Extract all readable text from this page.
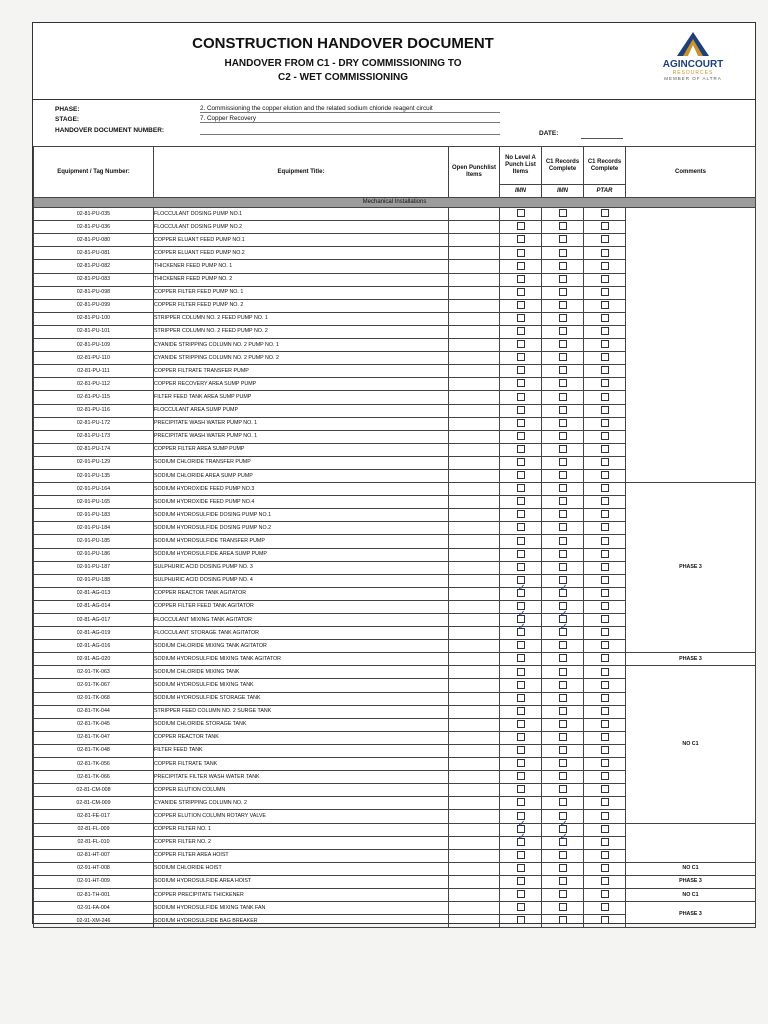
CONSTRUCTION HANDOVER DOCUMENT
HANDOVER FROM C1 - DRY COMMISSIONING TO
C2 - WET COMMISSIONING
AGINCOURT
RESOURCES
MEMBER OF ALTRA
PHASE:	2. Commissioning the copper elution and the related sodium chloride reagent circuit
STAGE:	7. Copper Recovery
HANDOVER DOCUMENT NUMBER:	DATE:
Equipment / Tag Number:	Equipment Title:	Open Punchlist Items	No Level A Punch List Items	C1 Records Complete	C1 Records Complete	Comments
			IMN	IMN	PTAR	
Mechanical Installations						
02-81-PU-035	FLOCCULANT DOSING PUMP NO.1					
02-81-PU-036	FLOCCULANT DOSING PUMP NO.2					
02-81-PU-080	COPPER ELUANT FEED PUMP NO.1					
02-81-PU-081	COPPER ELUANT FEED PUMP NO.2					
02-81-PU-082	THICKENER FEED PUMP NO. 1					
02-81-PU-083	THICKENER FEED PUMP NO. 2					
02-81-PU-098	COPPER FILTER FEED PUMP NO. 1					
02-81-PU-099	COPPER FILTER FEED PUMP NO. 2					
02-81-PU-100	STRIPPER COLUMN NO. 2 FEED PUMP NO. 1					
02-81-PU-101	STRIPPER COLUMN NO. 2 FEED PUMP NO. 2					
02-81-PU-109	CYANIDE STRIPPING COLUMN NO. 2 PUMP NO. 1					
02-81-PU-110	CYANIDE STRIPPING COLUMN NO. 2 PUMP NO. 2					
02-81-PU-111	COPPER FILTRATE TRANSFER PUMP					
02-81-PU-112	COPPER RECOVERY AREA SUMP PUMP					
02-81-PU-115	FILTER FEED TANK AREA SUMP PUMP					
02-81-PU-116	FLOCCULANT AREA SUMP PUMP					
02-81-PU-172	PRECIPITATE WASH WATER PUMP NO. 1					
02-81-PU-173	PRECIPITATE WASH WATER PUMP NO. 1					
02-81-PU-174	COPPER FILTER AREA SUMP PUMP					
02-91-PU-129	SODIUM CHLORIDE TRANSFER PUMP					
02-91-PU-135	SODIUM CHLORIDE AREA SUMP PUMP					
02-91-PU-164	SODIUM HYDROXIDE FEED PUMP NO.3					PHASE 3
02-91-PU-165	SODIUM HYDROXIDE FEED PUMP NO.4					
02-91-PU-183	SODIUM HYDROSULFIDE DOSING PUMP NO.1					
02-91-PU-184	SODIUM HYDROSULFIDE DOSING PUMP NO.2					
02-91-PU-185	SODIUM HYDROSULFIDE TRANSFER PUMP					
02-91-PU-186	SODIUM HYDROSULFIDE AREA SUMP PUMP					
02-91-PU-187	SULPHURIC ACID DOSING PUMP NO. 3					
02-91-PU-188	SULPHURIC ACID DOSING PUMP NO. 4					
02-81-AG-013	COPPER REACTOR TANK AGITATOR		✓	✓	
02-81-AG-014	COPPER FILTER FEED TANK AGITATOR					
02-81-AG-017	FLOCCULANT MIXING TANK AGITATOR		✓	✓	
02-81-AG-019	FLOCCULANT STORAGE TANK AGITATOR		✓	✓	
02-91-AG-016	SODIUM CHLORIDE MIXING TANK AGITATOR					
02-91-AG-020	SODIUM HYDROSULFIDE MIXING TANK AGITATOR					PHASE 3
02-91-TK-063	SODIUM CHLORIDE MIXING TANK					NO C1
02-91-TK-067	SODIUM HYDROSULFIDE MIXING TANK					
02-91-TK-068	SODIUM HYDROSULFIDE STORAGE TANK					
02-81-TK-044	STRIPPER FEED COLUMN NO. 2 SURGE TANK					
02-81-TK-045	SODIUM CHLORIDE STORAGE TANK					
02-81-TK-047	COPPER REACTOR TANK					
02-81-TK-048	FILTER FEED TANK					
02-81-TK-056	COPPER FILTRATE TANK					
02-81-TK-066	PRECIPITATE FILTER WASH WATER TANK					
02-81-CM-008	COPPER ELUTION COLUMN					
02-81-CM-009	CYANIDE STRIPPING COLUMN NO. 2					
02-81-FE-017	COPPER ELUTION COLUMN ROTARY VALVE					
02-81-FL-009	COPPER FILTER NO. 1		✓	✓		
02-81-FL-010	COPPER FILTER NO. 2		✓	✓	
02-81-HT-007	COPPER FILTER AREA HOIST					
02-91-HT-008	SODIUM CHLORIDE HOIST					NO C1
02-91-HT-009	SODIUM HYDROSULFIDE AREA HOIST					PHASE 3
02-81-TH-001	COPPER PRECIPITATE THICKENER					NO C1
02-91-FA-004	SODIUM HYDROSULFIDE MIXING TANK FAN					PHASE 3
02-91-XM-246	SODIUM HYDROSULFIDE BAG BREAKER					
